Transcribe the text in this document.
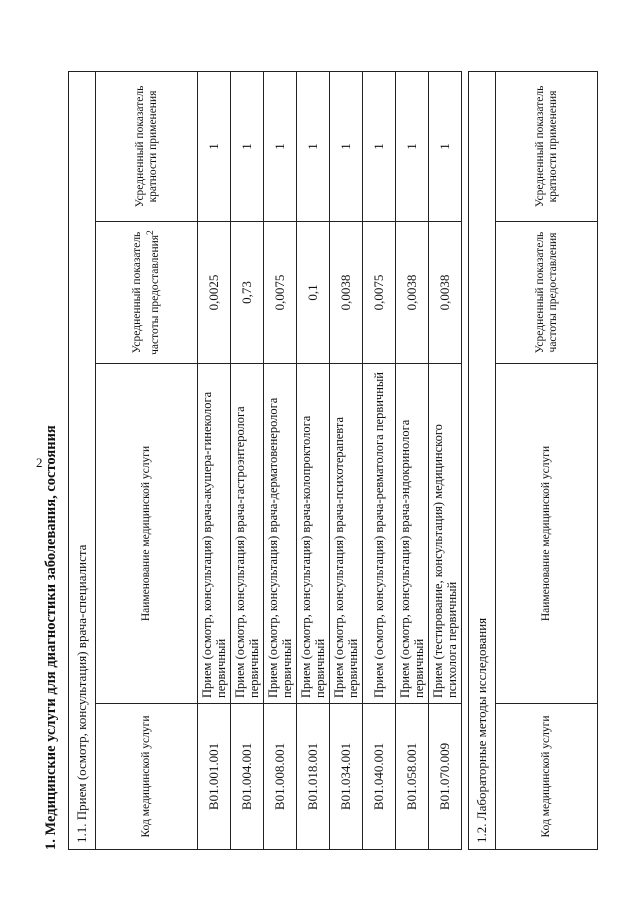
2
1. Медицинские услуги для диагностики заболевания, состояния 1.1. Прием (осмотр, консультация) врача-специалиста			
Код медицинской услуги	Наименование медицинской услуги	Усредненный показатель частоты предоставления$^2$	Усредненный показатель кратности применения
B01.001.001	Прием (осмотр, консультация) врача-акушера-гинеколога первичный	0,0025	1
B01.004.001	Прием (осмотр, консультация) врача-гастроэнтеролога первичный	0,73	1
B01.008.001	Прием (осмотр, консультация) врача-дерматовенеролога первичный	0,0075	1
B01.018.001	Прием (осмотр, консультация) врача-колопроктолога первичный	0,1	1
B01.034.001	Прием (осмотр, консультация) врача-психотерапевта первичный	0,0038	1
B01.040.001	Прием (осмотр, консультация) врача-ревматолога первичный	0,0075	1
B01.058.001	Прием (осмотр, консультация) врача-эндокринолога первичный	0,0038	1
B01.070.009	Прием (тестирование, консультация) медицинского психолога первичный	0,0038	1
1.2. Лабораторные методы исследования
Код медицинской услуги	Наименование медицинской услуги	Усредненный показатель частоты предоставления	Усредненный показатель кратности применения
